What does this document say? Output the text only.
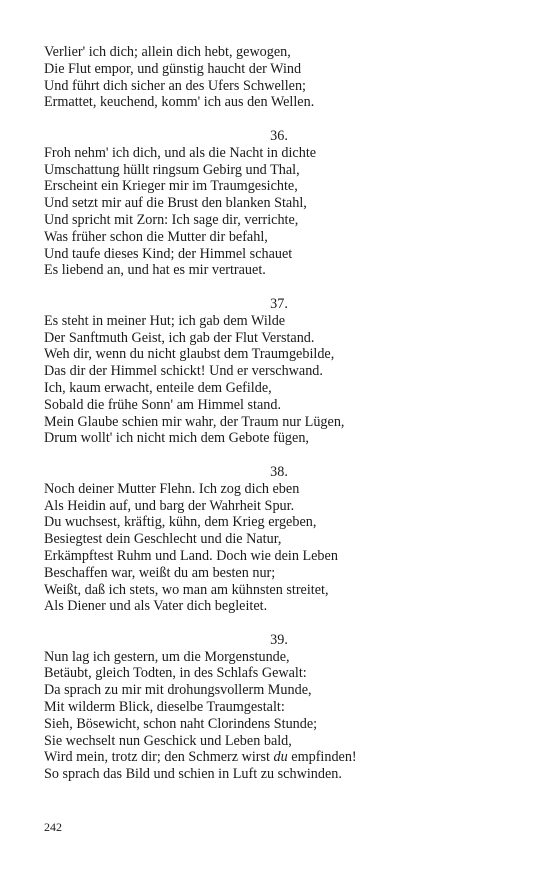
Verlier' ich dich; allein dich hebt, gewogen,
Die Flut empor, und günstig haucht der Wind
Und führt dich sicher an des Ufers Schwellen;
Ermattet, keuchend, komm' ich aus den Wellen.
36.
Froh nehm' ich dich, und als die Nacht in dichte
Umschattung hüllt ringsum Gebirg und Thal,
Erscheint ein Krieger mir im Traumgesichte,
Und setzt mir auf die Brust den blanken Stahl,
Und spricht mit Zorn: Ich sage dir, verrichte,
Was früher schon die Mutter dir befahl,
Und taufe dieses Kind; der Himmel schauet
Es liebend an, und hat es mir vertrauet.
37.
Es steht in meiner Hut; ich gab dem Wilde
Der Sanftmuth Geist, ich gab der Flut Verstand.
Weh dir, wenn du nicht glaubst dem Traumgebilde,
Das dir der Himmel schickt! Und er verschwand.
Ich, kaum erwacht, enteile dem Gefilde,
Sobald die frühe Sonn' am Himmel stand.
Mein Glaube schien mir wahr, der Traum nur Lügen,
Drum wollt' ich nicht mich dem Gebote fügen,
38.
Noch deiner Mutter Flehn. Ich zog dich eben
Als Heidin auf, und barg der Wahrheit Spur.
Du wuchsest, kräftig, kühn, dem Krieg ergeben,
Besiegtest dein Geschlecht und die Natur,
Erkämpftest Ruhm und Land. Doch wie dein Leben
Beschaffen war, weißt du am besten nur;
Weißt, daß ich stets, wo man am kühnsten streitet,
Als Diener und als Vater dich begleitet.
39.
Nun lag ich gestern, um die Morgenstunde,
Betäubt, gleich Todten, in des Schlafs Gewalt:
Da sprach zu mir mit drohungsvollerm Munde,
Mit wilderm Blick, dieselbe Traumgestalt:
Sieh, Bösewicht, schon naht Clorindens Stunde;
Sie wechselt nun Geschick und Leben bald,
Wird mein, trotz dir; den Schmerz wirst du empfinden!
So sprach das Bild und schien in Luft zu schwinden.
242
